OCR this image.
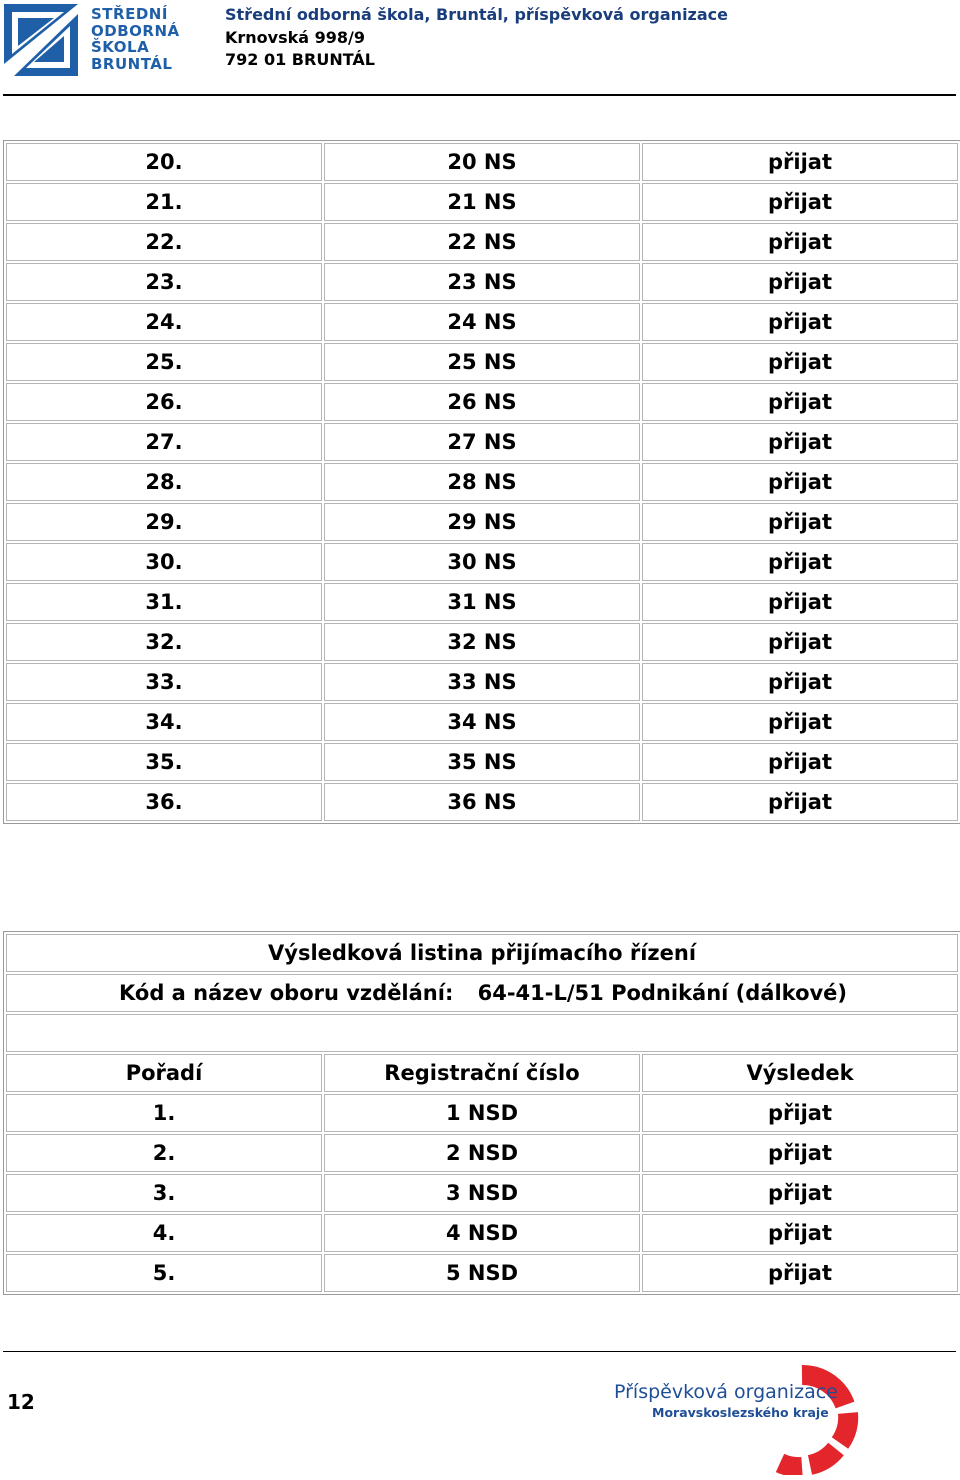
STŘEDNÍ
ODBORNÁ
ŠKOLA
BRUNTÁL
Střední odborná škola, Bruntál, příspěvková organizace
Krnovská 998/9
792 01 BRUNTÁL
20.	20 NS	přijat
21.	21 NS	přijat
22.	22 NS	přijat
23.	23 NS	přijat
24.	24 NS	přijat
25.	25 NS	přijat
26.	26 NS	přijat
27.	27 NS	přijat
28.	28 NS	přijat
29.	29 NS	přijat
30.	30 NS	přijat
31.	31 NS	přijat
32.	32 NS	přijat
33.	33 NS	přijat
34.	34 NS	přijat
35.	35 NS	přijat
36.	36 NS	přijat
Výsledková listina přijímacího řízení		

Kód a název oboru vzdělání: 64-41-L/51 Podnikání (dálkové)		

Pořadí	Registrační číslo	Výsledek
1.	1 NSD	přijat
2.	2 NSD	přijat
3.	3 NSD	přijat
4.	4 NSD	přijat
5.	5 NSD	přijat
12	Příspěvková organizace
Moravskoslezského kraje
